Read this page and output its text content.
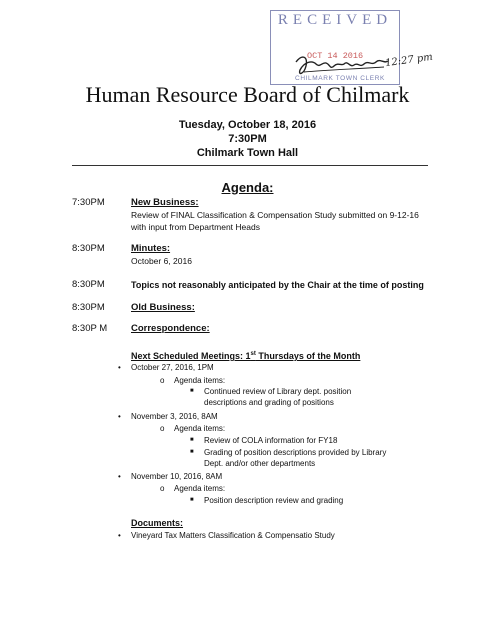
RECEIVED
OCT 14 2016
CHILMARK TOWN CLERK
12:27 pm
Human Resource Board of Chilmark
Tuesday, October 18, 2016
7:30PM
Chilmark Town Hall
Agenda:
7:30PM	New Business:
Review of FINAL Classification & Compensation Study submitted on 9-12-16 with input from Department Heads
8:30PM	Minutes:
October 6, 2016
8:30PM	Topics not reasonably anticipated by the Chair at the time of posting
8:30PM	Old Business:
8:30P M	Correspondence:
Next Scheduled Meetings: 1st Thursdays of the Month
• October 27, 2016, 1PM
o Agenda items:
■ Continued review of Library dept. position descriptions and grading of positions
• November 3, 2016, 8AM
o Agenda items:
■ Review of COLA information for FY18
■ Grading of position descriptions provided by Library Dept. and/or other departments
• November 10, 2016, 8AM
o Agenda items:
■ Position description review and grading
Documents:
• Vineyard Tax Matters Classification & Compensatio Study
